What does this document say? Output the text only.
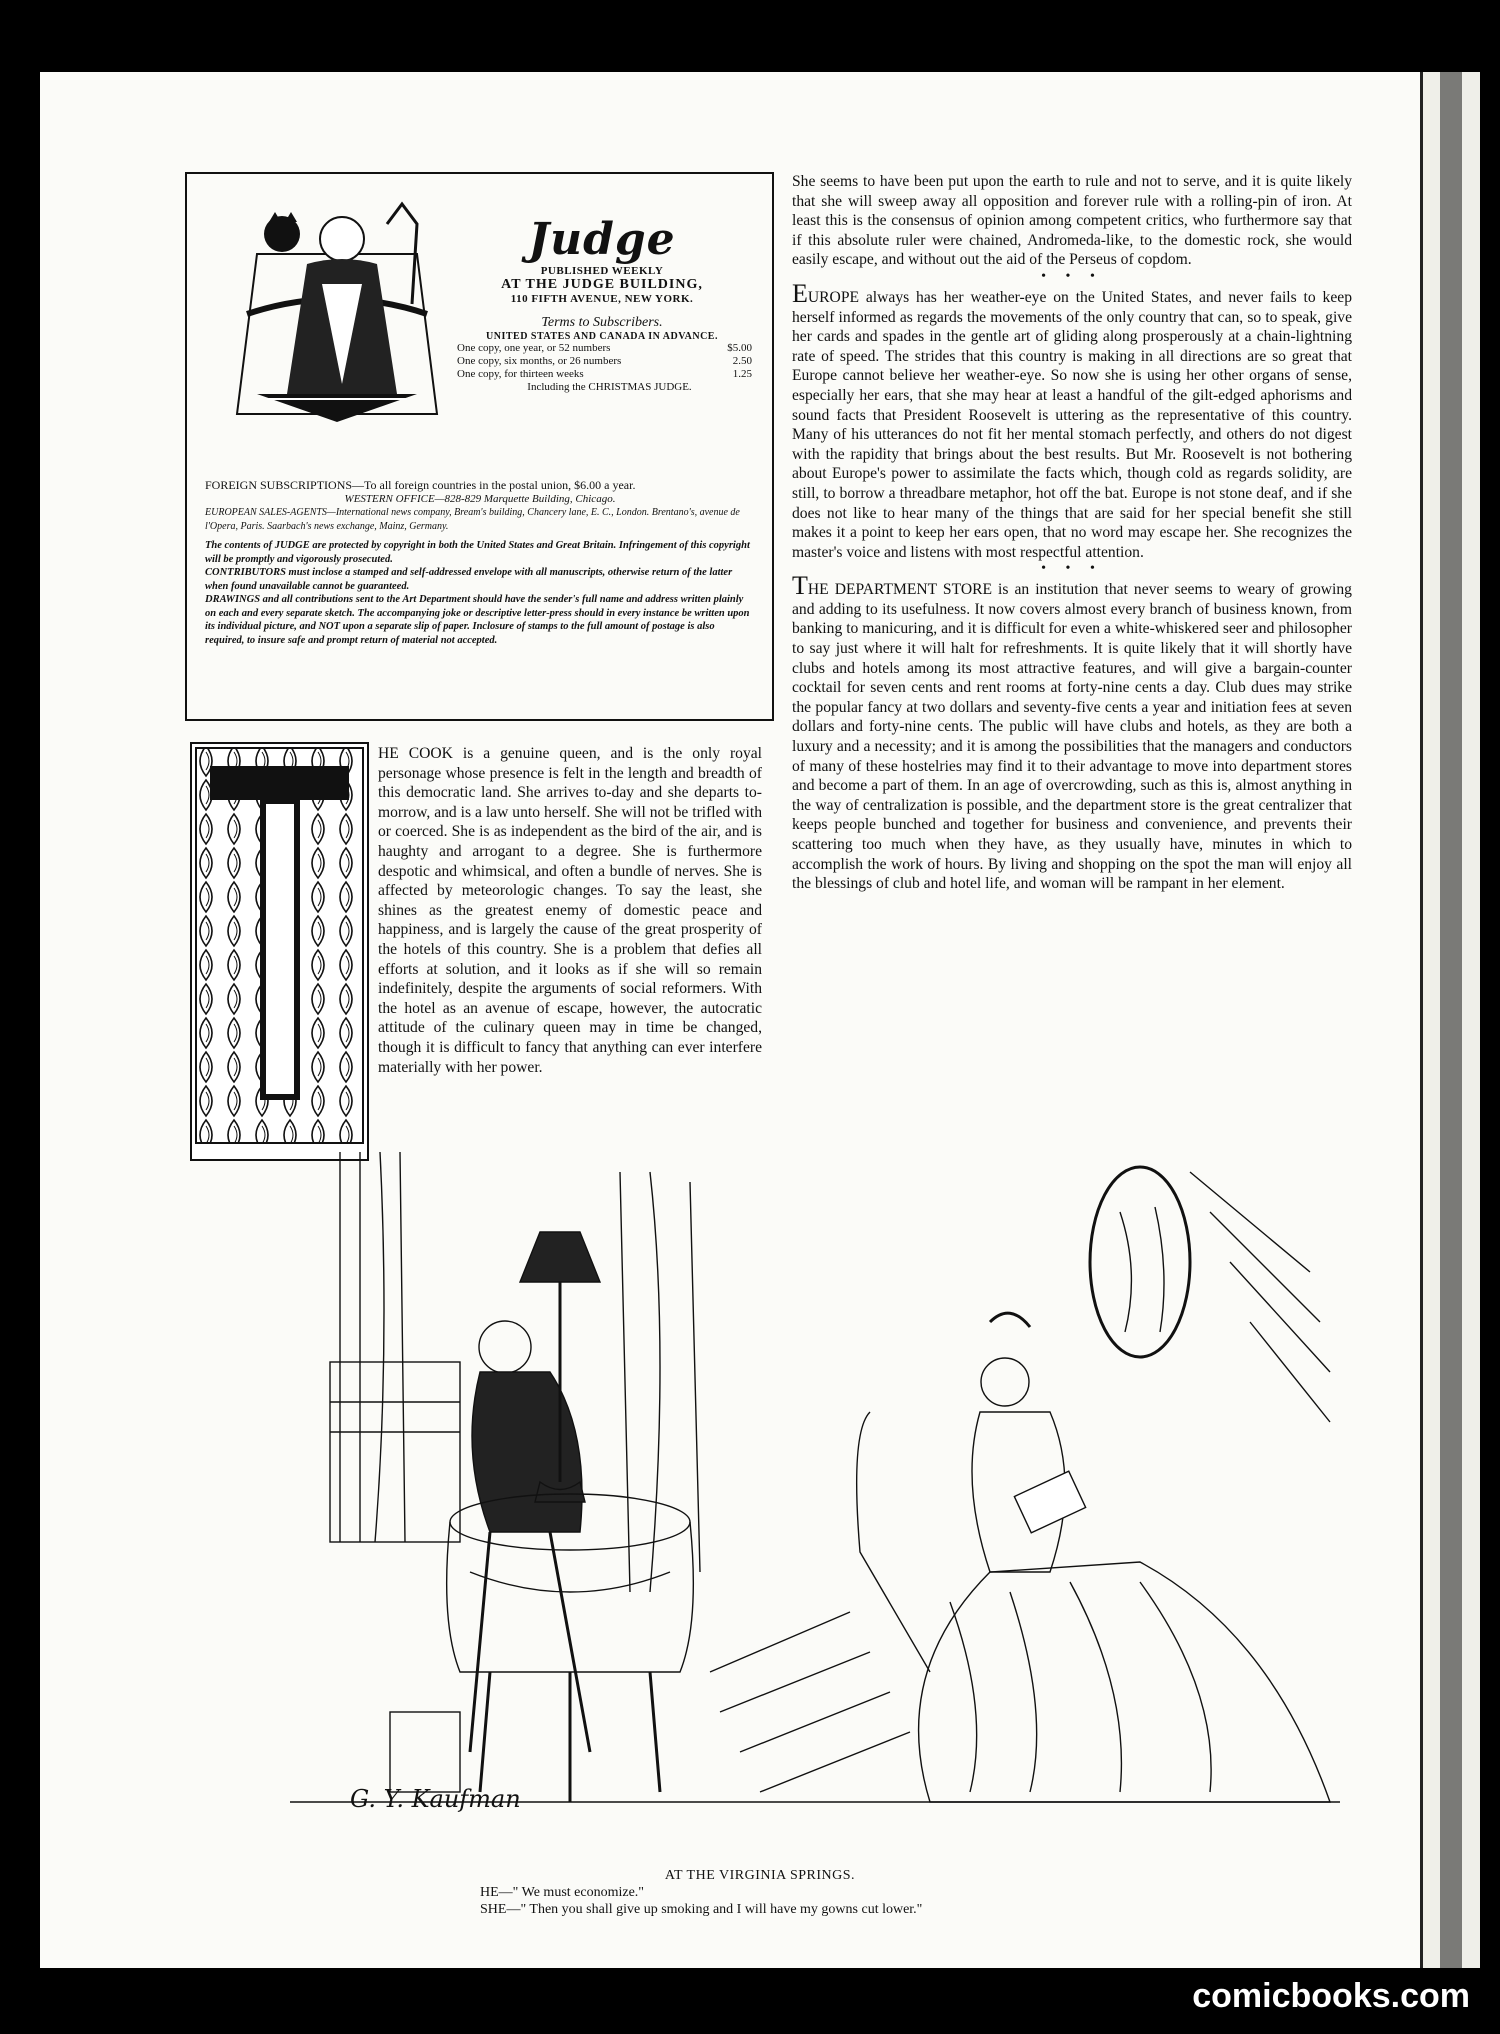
Judge
PUBLISHED WEEKLY
AT THE JUDGE BUILDING,
110 FIFTH AVENUE, NEW YORK.
Terms to Subscribers.
UNITED STATES AND CANADA IN ADVANCE.
One copy, one year, or 52 numbers	$5.00
One copy, six months, or 26 numbers	2.50
One copy, for thirteen weeks	1.25
Including the CHRISTMAS JUDGE.
FOREIGN SUBSCRIPTIONS—To all foreign countries in the postal union, $6.00 a year.
WESTERN OFFICE—828-829 Marquette Building, Chicago.
EUROPEAN SALES-AGENTS—International news company, Bream's building, Chancery lane, E. C., London. Brentano's, avenue de l'Opera, Paris. Saarbach's news exchange, Mainz, Germany.
The contents of JUDGE are protected by copyright in both the United States and Great Britain. Infringement of this copyright will be promptly and vigorously prosecuted.
CONTRIBUTORS must inclose a stamped and self-addressed envelope with all manuscripts, otherwise return of the latter when found unavailable cannot be guaranteed.
DRAWINGS and all contributions sent to the Art Department should have the sender's full name and address written plainly on each and every separate sketch. The accompanying joke or descriptive letter-press should in every instance be written upon its individual picture, and NOT upon a separate slip of paper. Inclosure of stamps to the full amount of postage is also required, to insure safe and prompt return of material not accepted.

She seems to have been put upon the earth to rule and not to serve, and it is quite likely that she will sweep away all opposition and forever rule with a rolling-pin of iron. At least this is the consensus of opinion among competent critics, who furthermore say that if this absolute ruler were chained, Andromeda-like, to the domestic rock, she would easily escape, and without out the aid of the Perseus of copdom.

• • •

EUROPE always has her weather-eye on the United States, and never fails to keep herself informed as regards the movements of the only country that can, so to speak, give her cards and spades in the gentle art of gliding along prosperously at a chain-lightning rate of speed. The strides that this country is making in all directions are so great that Europe cannot believe her weather-eye. So now she is using her other organs of sense, especially her ears, that she may hear at least a handful of the gilt-edged aphorisms and sound facts that President Roosevelt is uttering as the representative of this country. Many of his utterances do not fit her mental stomach perfectly, and others do not digest with the rapidity that brings about the best results. But Mr. Roosevelt is not bothering about Europe's power to assimilate the facts which, though cold as regards solidity, are still, to borrow a threadbare metaphor, hot off the bat. Europe is not stone deaf, and if she does not like to hear many of the things that are said for her special benefit she still makes it a point to keep her ears open, that no word may escape her. She recognizes the master's voice and listens with most respectful attention.

• • •

THE DEPARTMENT STORE is an institution that never seems to weary of growing and adding to its usefulness. It now covers almost every branch of business known, from banking to manicuring, and it is difficult for even a white-whiskered seer and philosopher to say just where it will halt for refreshments. It is quite likely that it will shortly have clubs and hotels among its most attractive features, and will give a bargain-counter cocktail for seven cents and rent rooms at forty-nine cents a day. Club dues may strike the popular fancy at two dollars and seventy-five cents a year and initiation fees at seven dollars and forty-nine cents. The public will have clubs and hotels, as they are both a luxury and a necessity; and it is among the possibilities that the managers and conductors of many of these hostelries may find it to their advantage to move into department stores and become a part of them. In an age of overcrowding, such as this is, almost anything in the way of centralization is possible, and the department store is the great centralizer that keeps people bunched and together for business and convenience, and prevents their scattering too much when they have, as they usually have, minutes in which to accomplish the work of hours. By living and shopping on the spot the man will enjoy all the blessings of club and hotel life, and woman will be rampant in her element.

HE COOK is a genuine queen, and is the only royal personage whose presence is felt in the length and breadth of this democratic land. She arrives to-day and she departs to-morrow, and is a law unto herself. She will not be trifled with or coerced. She is as independent as the bird of the air, and is haughty and arrogant to a degree. She is furthermore despotic and whimsical, and often a bundle of nerves. She is affected by meteorologic changes. To say the least, she shines as the greatest enemy of domestic peace and happiness, and is largely the cause of the great prosperity of the hotels of this country. She is a problem that defies all efforts at solution, and it looks as if she will so remain indefinitely, despite the arguments of social reformers. With the hotel as an avenue of escape, however, the autocratic attitude of the culinary queen may in time be changed, though it is difficult to fancy that anything can ever interfere materially with her power.

G. Y. Kaufman
AT THE VIRGINIA SPRINGS.
HE—" We must economize."
SHE—" Then you shall give up smoking and I will have my gowns cut lower."
comicbooks.com
